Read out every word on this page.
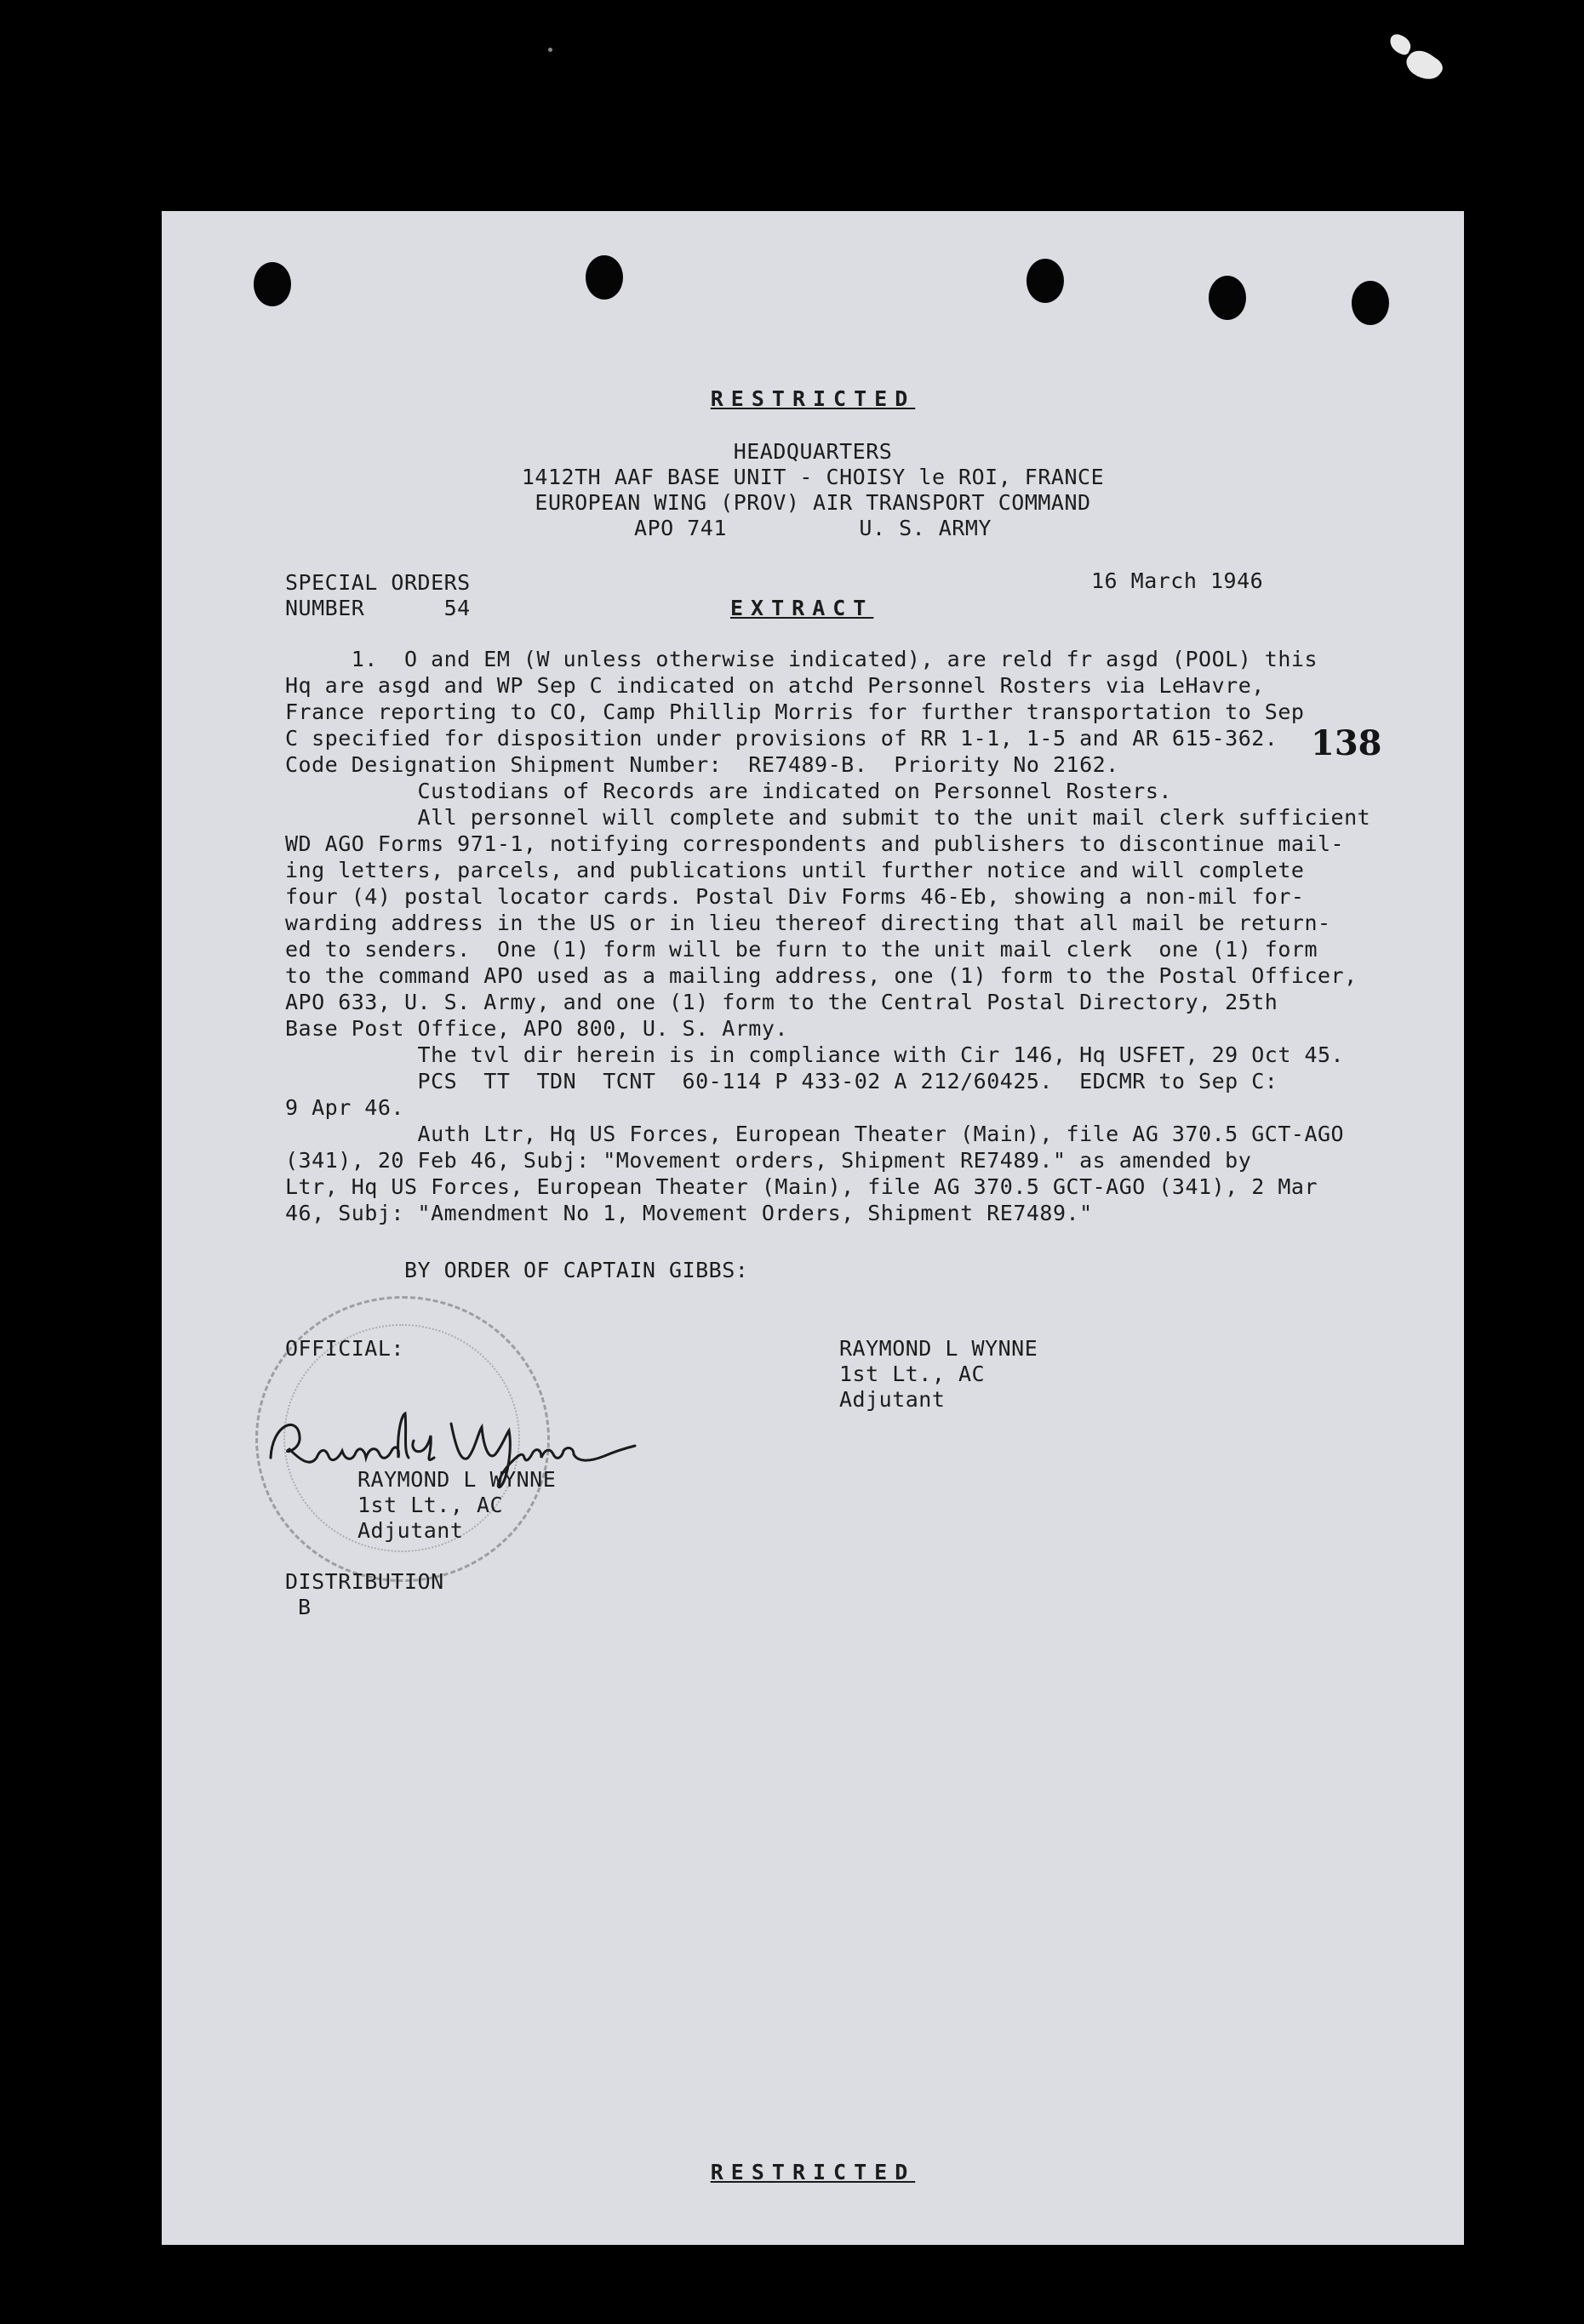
RESTRICTED

HEADQUARTERS

1412TH AAF BASE UNIT - CHOISY le ROI, FRANCE

EUROPEAN WING (PROV) AIR TRANSPORT COMMAND

APO 741          U. S. ARMY

SPECIAL ORDERS

NUMBER      54

16 March 1946

EXTRACT

138

1.  O and EM (W unless otherwise indicated), are reld fr asgd (POOL) this

Hq are asgd and WP Sep C indicated on atchd Personnel Rosters via LeHavre,

France reporting to CO, Camp Phillip Morris for further transportation to Sep

C specified for disposition under provisions of RR 1-1, 1-5 and AR 615-362.

Code Designation Shipment Number:  RE7489-B.  Priority No 2162.

Custodians of Records are indicated on Personnel Rosters.

All personnel will complete and submit to the unit mail clerk sufficient

WD AGO Forms 971-1, notifying correspondents and publishers to discontinue mail-

ing letters, parcels, and publications until further notice and will complete

four (4) postal locator cards. Postal Div Forms 46-Eb, showing a non-mil for-

warding address in the US or in lieu thereof directing that all mail be return-

ed to senders.  One (1) form will be furn to the unit mail clerk  one (1) form

to the command APO used as a mailing address, one (1) form to the Postal Officer,

APO 633, U. S. Army, and one (1) form to the Central Postal Directory, 25th

Base Post Office, APO 800, U. S. Army.

The tvl dir herein is in compliance with Cir 146, Hq USFET, 29 Oct 45.

PCS  TT  TDN  TCNT  60-114 P 433-02 A 212/60425.  EDCMR to Sep C:

9 Apr 46.

Auth Ltr, Hq US Forces, European Theater (Main), file AG 370.5 GCT-AGO

(341), 20 Feb 46, Subj: "Movement orders, Shipment RE7489." as amended by

Ltr, Hq US Forces, European Theater (Main), file AG 370.5 GCT-AGO (341), 2 Mar

46, Subj: "Amendment No 1, Movement Orders, Shipment RE7489."

BY ORDER OF CAPTAIN GIBBS:

OFFICIAL:

RAYMOND L WYNNE

1st Lt., AC

Adjutant

RAYMOND L WYNNE

1st Lt., AC

Adjutant

DISTRIBUTION

B

RESTRICTED
